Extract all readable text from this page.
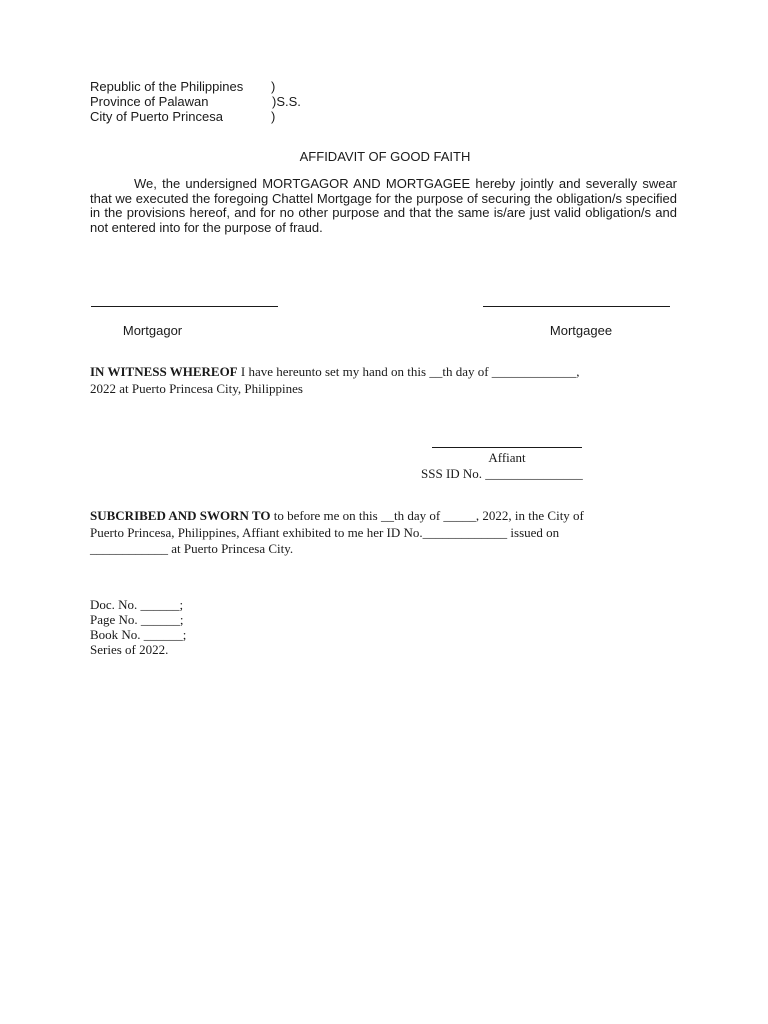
Republic of the Philippines )
Province of Palawan	)S.S.
City of Puerto Princesa	)
AFFIDAVIT OF GOOD FAITH

We, the undersigned MORTGAGOR AND MORTGAGEE hereby jointly and severally swear that we executed the foregoing Chattel Mortgage for the purpose of securing the obligation/s specified in the provisions hereof, and for no other purpose and that the same is/are just valid obligation/s and not entered into for the purpose of fraud.

Mortgagor	Mortgagee
IN WITNESS WHEREOF I have hereunto set my hand on this __th day of _____________,
2022 at Puerto Princesa City, Philippines
Affiant
SSS ID No. _______________
SUBCRIBED AND SWORN TO to before me on this __th day of _____, 2022, in the City of
Puerto Princesa, Philippines, Affiant exhibited to me her ID No._____________ issued on
____________ at Puerto Princesa City.
Doc. No. ______;
Page No. ______;
Book No. ______;
Series of 2022.
